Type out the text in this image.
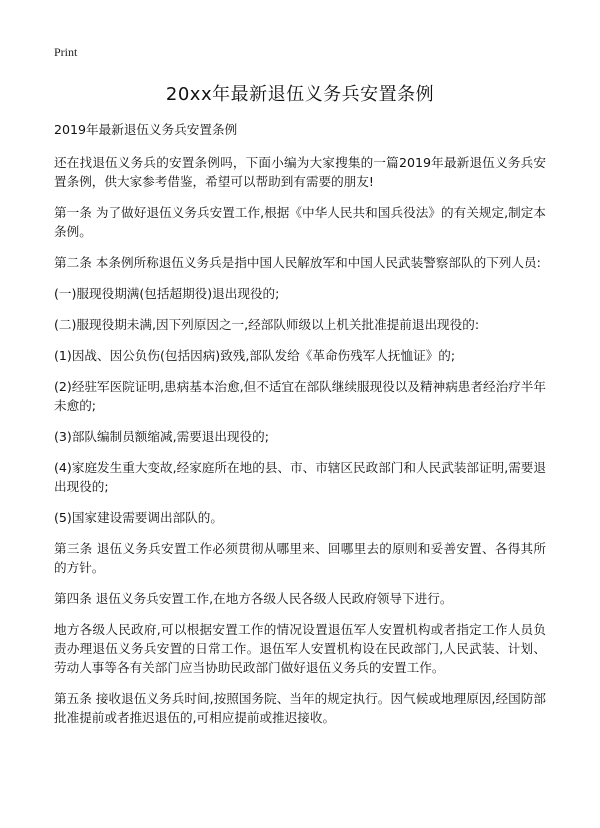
Print
20xx年最新退伍义务兵安置条例

2019年最新退伍义务兵安置条例

还在找退伍义务兵的安置条例吗，下面小编为大家搜集的一篇2019年最新退伍义务兵安置条例，供大家参考借鉴，希望可以帮助到有需要的朋友!

第一条 为了做好退伍义务兵安置工作,根据《中华人民共和国兵役法》的有关规定,制定本条例。

第二条 本条例所称退伍义务兵是指中国人民解放军和中国人民武装警察部队的下列人员:

(一)服现役期满(包括超期役)退出现役的;

(二)服现役期未满,因下列原因之一,经部队师级以上机关批准提前退出现役的:

(1)因战、因公负伤(包括因病)致残,部队发给《革命伤残军人抚恤证》的;

(2)经驻军医院证明,患病基本治愈,但不适宜在部队继续服现役以及精神病患者经治疗半年未愈的;

(3)部队编制员额缩减,需要退出现役的;

(4)家庭发生重大变故,经家庭所在地的县、市、市辖区民政部门和人民武装部证明,需要退出现役的;

(5)国家建设需要调出部队的。

第三条 退伍义务兵安置工作必须贯彻从哪里来、回哪里去的原则和妥善安置、各得其所的方针。

第四条 退伍义务兵安置工作,在地方各级人民各级人民政府领导下进行。

地方各级人民政府,可以根据安置工作的情况设置退伍军人安置机构或者指定工作人员负责办理退伍义务兵安置的日常工作。退伍军人安置机构设在民政部门,人民武装、计划、劳动人事等各有关部门应当协助民政部门做好退伍义务兵的安置工作。

第五条 接收退伍义务兵时间,按照国务院、当年的规定执行。因气候或地理原因,经国防部批准提前或者推迟退伍的,可相应提前或推迟接收。
